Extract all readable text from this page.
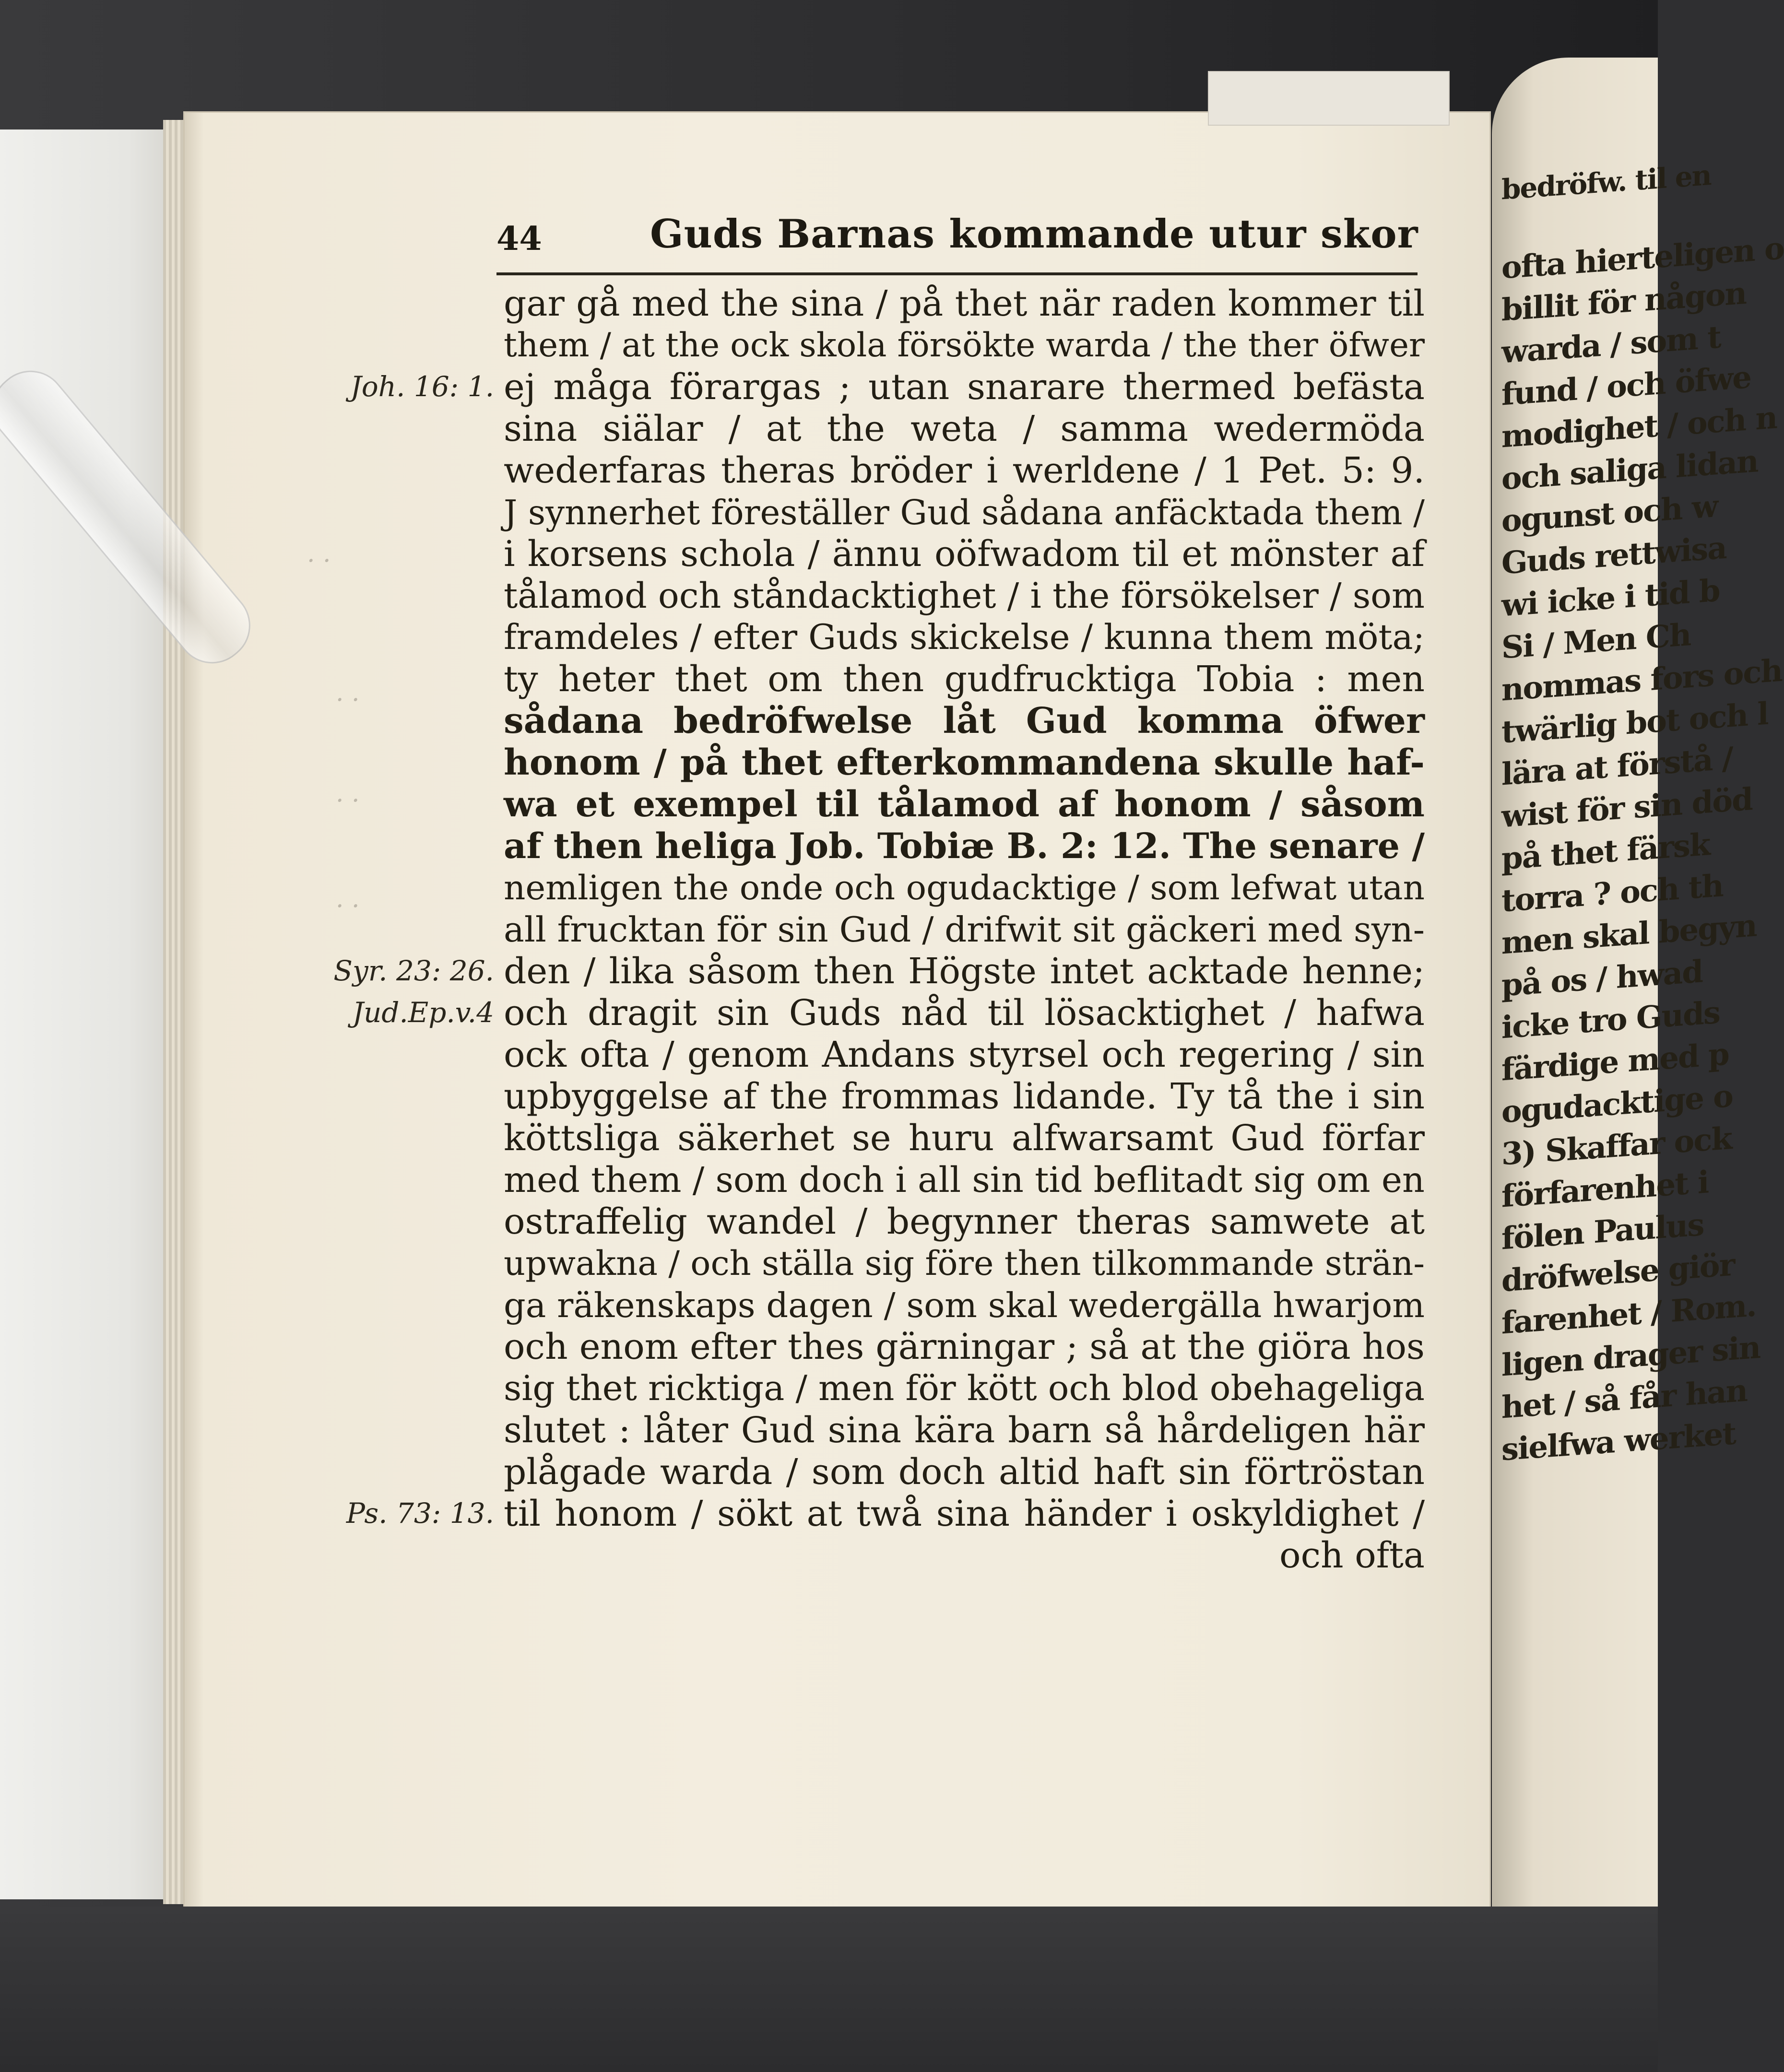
44	Guds Barnas kommande utur skor
gar gå med the sina / på thet när raden kommer til
them / at the ock skola försökte warda / the ther öfwer
ej måga förargas ; utan snarare thermed befästa
sina siälar / at the weta / samma wedermöda
wederfaras theras bröder i werldene / 1 Pet. 5: 9.
J synnerhet föreställer Gud sådana anfäcktada them /
i korsens schola / ännu oöfwadom til et mönster af
tålamod och ståndacktighet / i the försökelser / som
framdeles / efter Guds skickelse / kunna them möta;
ty heter thet om then gudfrucktiga Tobia : men
sådana bedröfwelse låt Gud komma öfwer
honom / på thet efterkommandena skulle haf-
wa et exempel til tålamod af honom / såsom
af then heliga Job. Tobiæ B. 2: 12. The senare /
nemligen the onde och ogudacktige / som lefwat utan
all frucktan för sin Gud / drifwit sit gäckeri med syn-
den / lika såsom then Högste intet acktade henne;
och dragit sin Guds nåd til lösacktighet / hafwa
ock ofta / genom Andans styrsel och regering / sin
upbyggelse af the frommas lidande. Ty tå the i sin
köttsliga säkerhet se huru alfwarsamt Gud förfar
med them / som doch i all sin tid beflitadt sig om en
ostraffelig wandel / begynner theras samwete at
upwakna / och ställa sig före then tilkommande strän-
ga räkenskaps dagen / som skal wedergälla hwarjom
och enom efter thes gärningar ; så at the giöra hos
sig thet ricktiga / men för kött och blod obehageliga
slutet : låter Gud sina kära barn så hårdeligen här
plågade warda / som doch altid haft sin förtröstan
til honom / sökt at twå sina händer i oskyldighet /
och ofta
Joh. 16: 1.
Syr. 23: 26.
Jud.Ep.v.4
Ps. 73: 13.
· ·
· ·
· ·
· ·
bedröfw. til en
ofta hierteligen o
billit för någon
warda / som t
fund / och öfwe
modighet / och n
och saliga lidan
ogunst och w
Guds rettwisa
wi icke i tid b
Si / Men Ch
nommas fors och
twärlig bot och l
lära at förstå /
wist för sin död
på thet färsk
torra ? och th
men skal begyn
på os / hwad
icke tro Guds
färdige med p
ogudacktige o
3) Skaffar ock
förfarenhet i
fölen Paulus
dröfwelse giör
farenhet / Rom.
ligen drager sin
het / så får han
sielfwa werket
